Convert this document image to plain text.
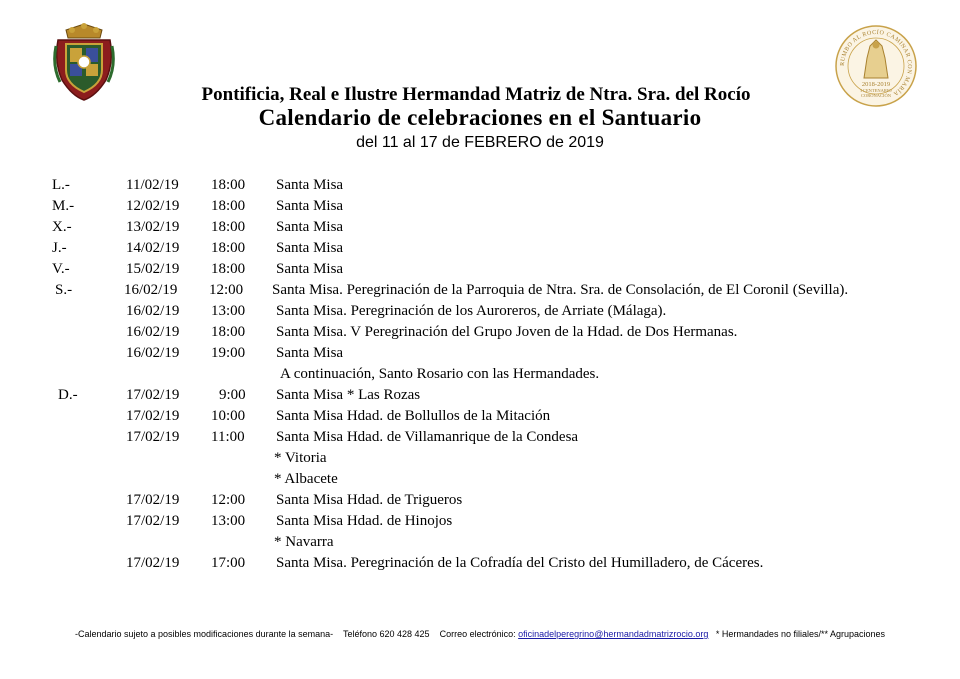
RUMBO AL ROCÍO CAMINAR CON MARÍA
2018-2019
I CENTENARIO
CORONACIÓN
Pontificia, Real e Ilustre Hermandad Matriz de Ntra. Sra. del Rocío
Calendario de celebraciones en el Santuario
del 11 al 17 de FEBRERO de 2019
L.-	11/02/19 18:00 Santa Misa
M.-	12/02/19 18:00 Santa Misa
X.-	13/02/19 18:00 Santa Misa
J.-	14/02/19 18:00 Santa Misa
V.-	15/02/19 18:00 Santa Misa
S.-	16/02/19 12:00 Santa Misa. Peregrinación de la Parroquia de Ntra. Sra. de Consolación, de El Coronil (Sevilla).
16/02/19 13:00 Santa Misa. Peregrinación de los Auroreros, de Arriate (Málaga).
16/02/19 18:00 Santa Misa. V Peregrinación del Grupo Joven de la Hdad. de Dos Hermanas.
16/02/19 19:00 Santa Misa
A continuación, Santo Rosario con las Hermandades.
D.-	17/02/19	9:00 Santa Misa * Las Rozas
17/02/19 10:00 Santa Misa Hdad. de Bollullos de la Mitación
17/02/19 11:00 Santa Misa Hdad. de Villamanrique de la Condesa
* Vitoria
* Albacete
17/02/19 12:00 Santa Misa Hdad. de Trigueros
17/02/19 13:00 Santa Misa Hdad. de Hinojos
* Navarra
17/02/19 17:00 Santa Misa. Peregrinación de la Cofradía del Cristo del Humilladero, de Cáceres.
-Calendario sujeto a posibles modificaciones durante la semana- Teléfono 620 428 425 Correo electrónico: oficinadelperegrino@hermandadmatrizrocio.org * Hermandades no filiales/** Agrupaciones
